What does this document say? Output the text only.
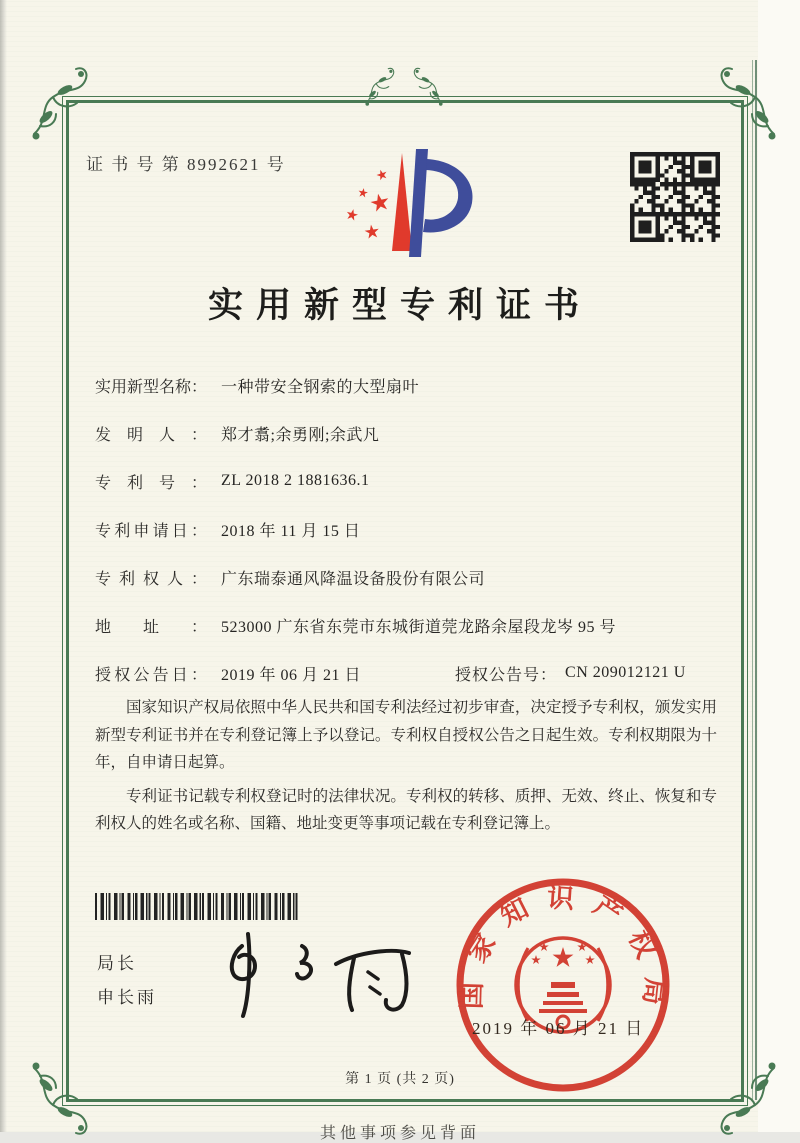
证 书 号 第 8992621 号
实用新型专利证书
实用新型名称： 一种带安全钢索的大型扇叶
发明人： 郑才翥;余勇刚;余武凡
专利号： ZL 2018 2 1881636.1
专利申请日： 2018 年 11 月 15 日
专利权人： 广东瑞泰通风降温设备股份有限公司
地址： 523000 广东省东莞市东城街道莞龙路余屋段龙岑 95 号
授权公告日： 2019 年 06 月 21 日	授权公告号： CN 209012121 U

国家知识产权局依照中华人民共和国专利法经过初步审查，决定授予专利权，颁发实用新型专利证书并在专利登记簿上予以登记。专利权自授权公告之日起生效。专利权期限为十年，自申请日起算。

专利证书记载专利权登记时的法律状况。专利权的转移、质押、无效、终止、恢复和专利权人的姓名或名称、国籍、地址变更等事项记载在专利登记簿上。

局长
申长雨	国家知识产权局
2019 年 06 月 21 日
第 1 页 (共 2 页)
其他事项参见背面
